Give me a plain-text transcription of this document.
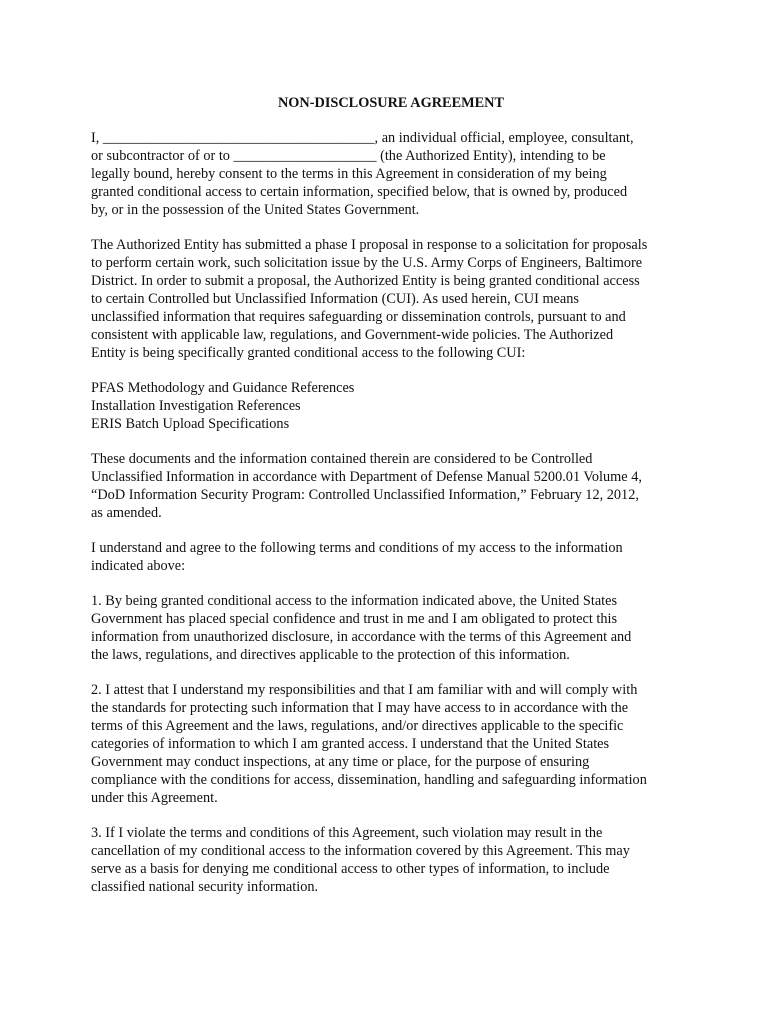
NON-DISCLOSURE AGREEMENT
I, ______________________________________, an individual official, employee, consultant,
or subcontractor of or to ____________________ (the Authorized Entity), intending to be
legally bound, hereby consent to the terms in this Agreement in consideration of my being
granted conditional access to certain information, specified below, that is owned by, produced
by, or in the possession of the United States Government.
The Authorized Entity has submitted a phase I proposal in response to a solicitation for proposals
to perform certain work, such solicitation issue by the U.S. Army Corps of Engineers, Baltimore
District. In order to submit a proposal, the Authorized Entity is being granted conditional access
to certain Controlled but Unclassified Information (CUI). As used herein, CUI means
unclassified information that requires safeguarding or dissemination controls, pursuant to and
consistent with applicable law, regulations, and Government-wide policies. The Authorized
Entity is being specifically granted conditional access to the following CUI:
PFAS Methodology and Guidance References
Installation Investigation References
ERIS Batch Upload Specifications
These documents and the information contained therein are considered to be Controlled
Unclassified Information in accordance with Department of Defense Manual 5200.01 Volume 4,
“DoD Information Security Program: Controlled Unclassified Information,” February 12, 2012,
as amended.
I understand and agree to the following terms and conditions of my access to the information
indicated above:
1. By being granted conditional access to the information indicated above, the United States
Government has placed special confidence and trust in me and I am obligated to protect this
information from unauthorized disclosure, in accordance with the terms of this Agreement and
the laws, regulations, and directives applicable to the protection of this information.
2. I attest that I understand my responsibilities and that I am familiar with and will comply with
the standards for protecting such information that I may have access to in accordance with the
terms of this Agreement and the laws, regulations, and/or directives applicable to the specific
categories of information to which I am granted access. I understand that the United States
Government may conduct inspections, at any time or place, for the purpose of ensuring
compliance with the conditions for access, dissemination, handling and safeguarding information
under this Agreement.
3. If I violate the terms and conditions of this Agreement, such violation may result in the
cancellation of my conditional access to the information covered by this Agreement. This may
serve as a basis for denying me conditional access to other types of information, to include
classified national security information.
